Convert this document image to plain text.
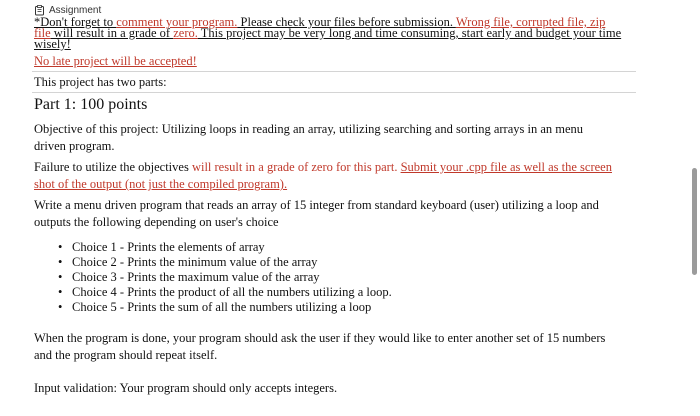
Assignment
*Don't forget to comment your program. Please check your files before submission. Wrong file, corrupted file, zip file will result in a grade of zero. This project may be very long and time consuming, start early and budget your time wisely!
No late project will be accepted!
This project has two parts:
Part 1: 100 points
Objective of this project: Utilizing loops in reading an array, utilizing searching and sorting arrays in an menu driven program.
Failure to utilize the objectives will result in a grade of zero for this part. Submit your .cpp file as well as the screen shot of the output (not just the compiled program).
Write a menu driven program that reads an array of 15 integer from standard keyboard (user) utilizing a loop and outputs the following depending on user's choice
• Choice 1 - Prints the elements of array
• Choice 2 - Prints the minimum value of the array
• Choice 3 - Prints the maximum value of the array
• Choice 4 - Prints the product of all the numbers utilizing a loop.
• Choice 5 - Prints the sum of all the numbers utilizing a loop
When the program is done, your program should ask the user if they would like to enter another set of 15 numbers and the program should repeat itself.
Input validation: Your program should only accepts integers.
